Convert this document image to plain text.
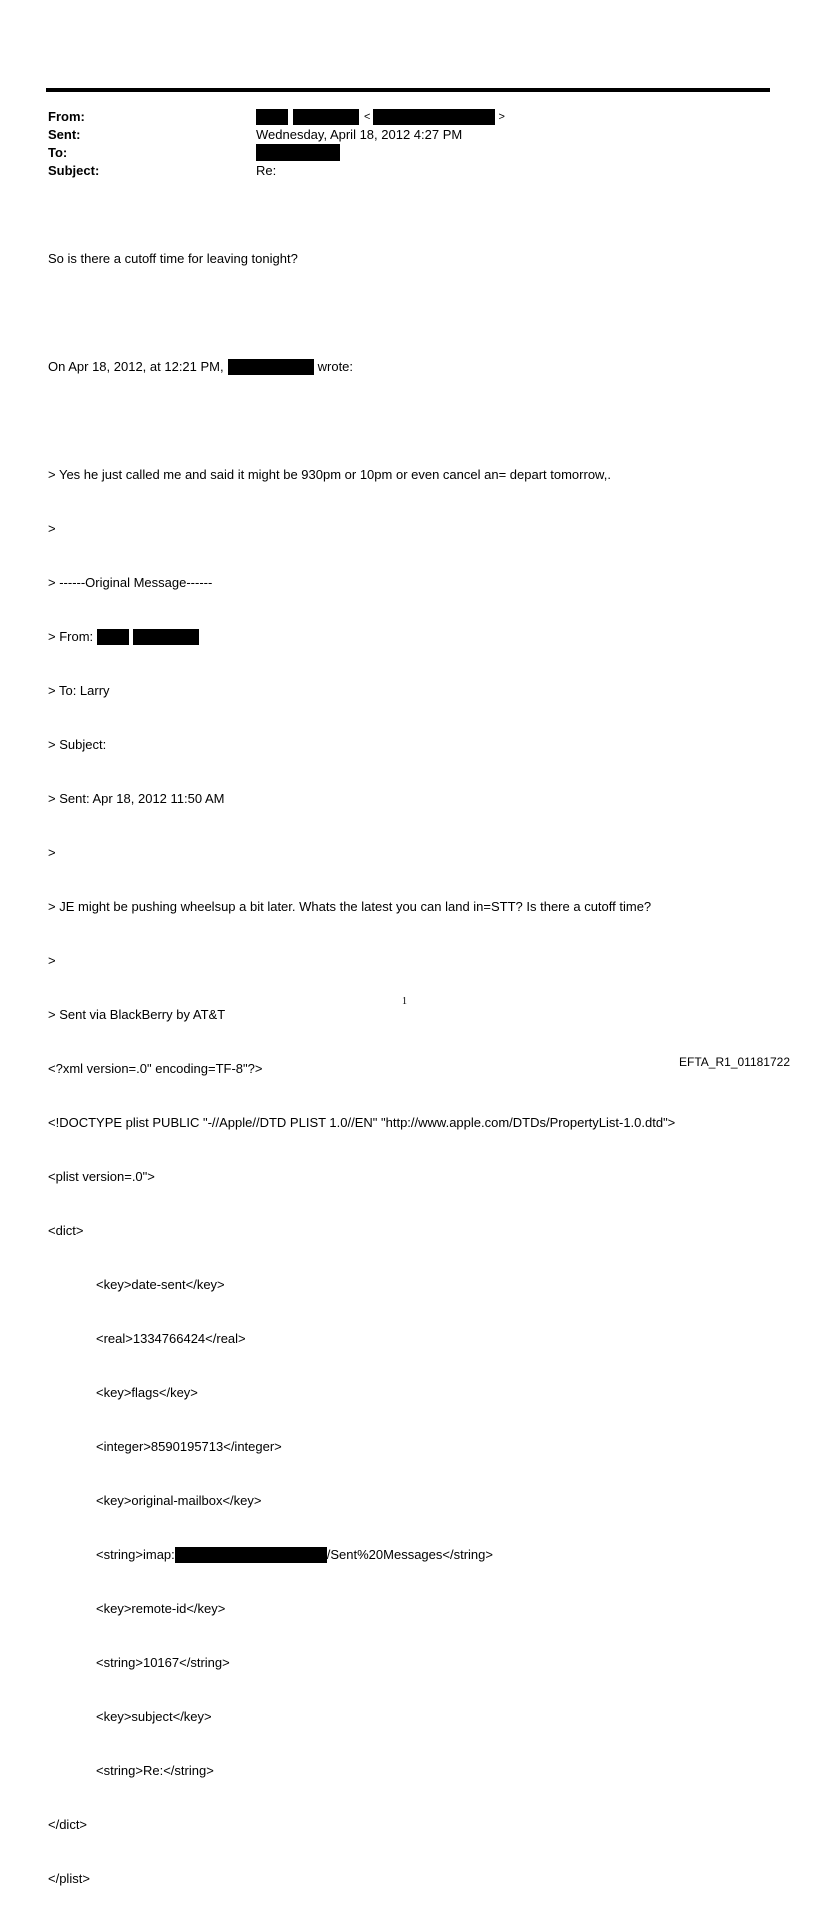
From:	<	>
Sent:	Wednesday, April 18, 2012 4:27 PM
To:
Subject:	Re:

So is there a cutoff time for leaving tonight?

On Apr 18, 2012, at 12:21 PM,	wrote:

> Yes he just called me and said it might be 930pm or 10pm or even cancel an= depart tomorrow,.

>

> ------Original Message------

> From:

> To: Larry

> Subject:

> Sent: Apr 18, 2012 11:50 AM

>

> JE might be pushing wheelsup a bit later. Whats the latest you can land in=STT? Is there a cutoff time?

>

> Sent via BlackBerry by AT&T

<?xml version=.0" encoding=TF-8"?>

<!DOCTYPE plist PUBLIC "-//Apple//DTD PLIST 1.0//EN" "http://www.apple.com/DTDs/PropertyList-1.0.dtd">

<plist version=.0">

<dict>

<key>date-sent</key>

<real>1334766424</real>

<key>flags</key>

<integer>8590195713</integer>

<key>original-mailbox</key>

<string>imap:	/Sent%20Messages</string>

<key>remote-id</key>

<string>10167</string>

<key>subject</key>

<string>Re:</string>

</dict>

</plist>

1
EFTA_R1_01181722
